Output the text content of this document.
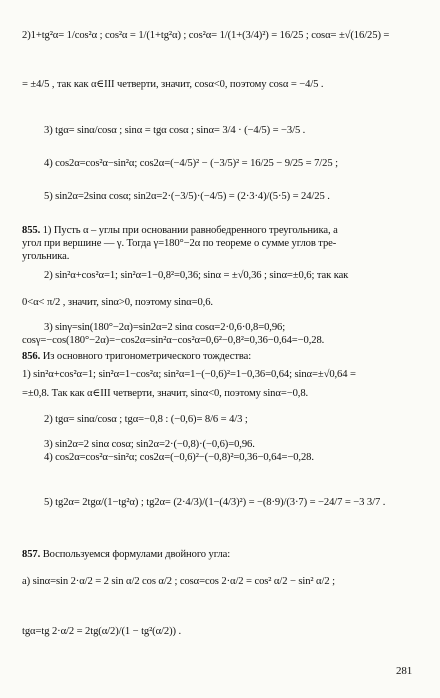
2)1+tg²α= 1/cos²α ; cos²α = 1/(1+tg²α) ; cos²α= 1/(1+(3/4)²) = 16/25 ; cosα= ±√(16/25) =
= ±4/5 , так как α∈III четверти, значит, cosα<0, поэтому cosα = −4/5 .
3) tgα= sinα/cosα ; sinα = tgα cosα ; sinα= 3/4 · (−4/5) = −3/5 .
4) cos2α=cos²α−sin²α; cos2α=(−4/5)² − (−3/5)² = 16/25 − 9/25 = 7/25 ;
5) sin2α=2sinα cosα; sin2α=2·(−3/5)·(−4/5) = (2·3·4)/(5·5) = 24/25 .
855. 1) Пусть α – углы при основании равнобедренного треугольника, а
угол при вершине — γ. Тогда γ=180°−2α по теореме о сумме углов тре-
угольника.
2) sin²α+cos²α=1; sin²α=1−0,8²=0,36; sinα = ±√0,36 ; sinα=±0,6; так как
0<α< π/2 , значит, sinα>0, поэтому sinα=0,6.
3) sinγ=sin(180°−2α)=sin2α=2 sinα cosα=2·0,6·0,8=0,96;
cosγ=−cos(180°−2α)=−cos2α=sin²α−cos²α=0,6²−0,8²=0,36−0,64=−0,28.
856. Из основного тригонометрического тождества:
1) sin²α+cos²α=1; sin²α=1−cos²α; sin²α=1−(−0,6)²=1−0,36=0,64; sinα=±√0,64 =
=±0,8. Так как α∈III четверти, значит, sinα<0, поэтому sinα=−0,8.
2) tgα= sinα/cosα ; tgα=−0,8 : (−0,6)= 8/6 = 4/3 ;
3) sin2α=2 sinα cosα; sin2α=2·(−0,8)·(−0,6)=0,96.
4) cos2α=cos²α−sin²α; cos2α=(−0,6)²−(−0,8)²=0,36−0,64=−0,28.
5) tg2α= 2tgα/(1−tg²α) ; tg2α= (2·4/3)/(1−(4/3)²) = −(8·9)/(3·7) = −24/7 = −3 3/7 .
857. Воспользуемся формулами двойного угла:
а) sinα=sin 2·α/2 = 2 sin α/2 cos α/2 ; cosα=cos 2·α/2 = cos² α/2 − sin² α/2 ;
tgα=tg 2·α/2 = 2tg(α/2)/(1 − tg²(α/2)) .
281
